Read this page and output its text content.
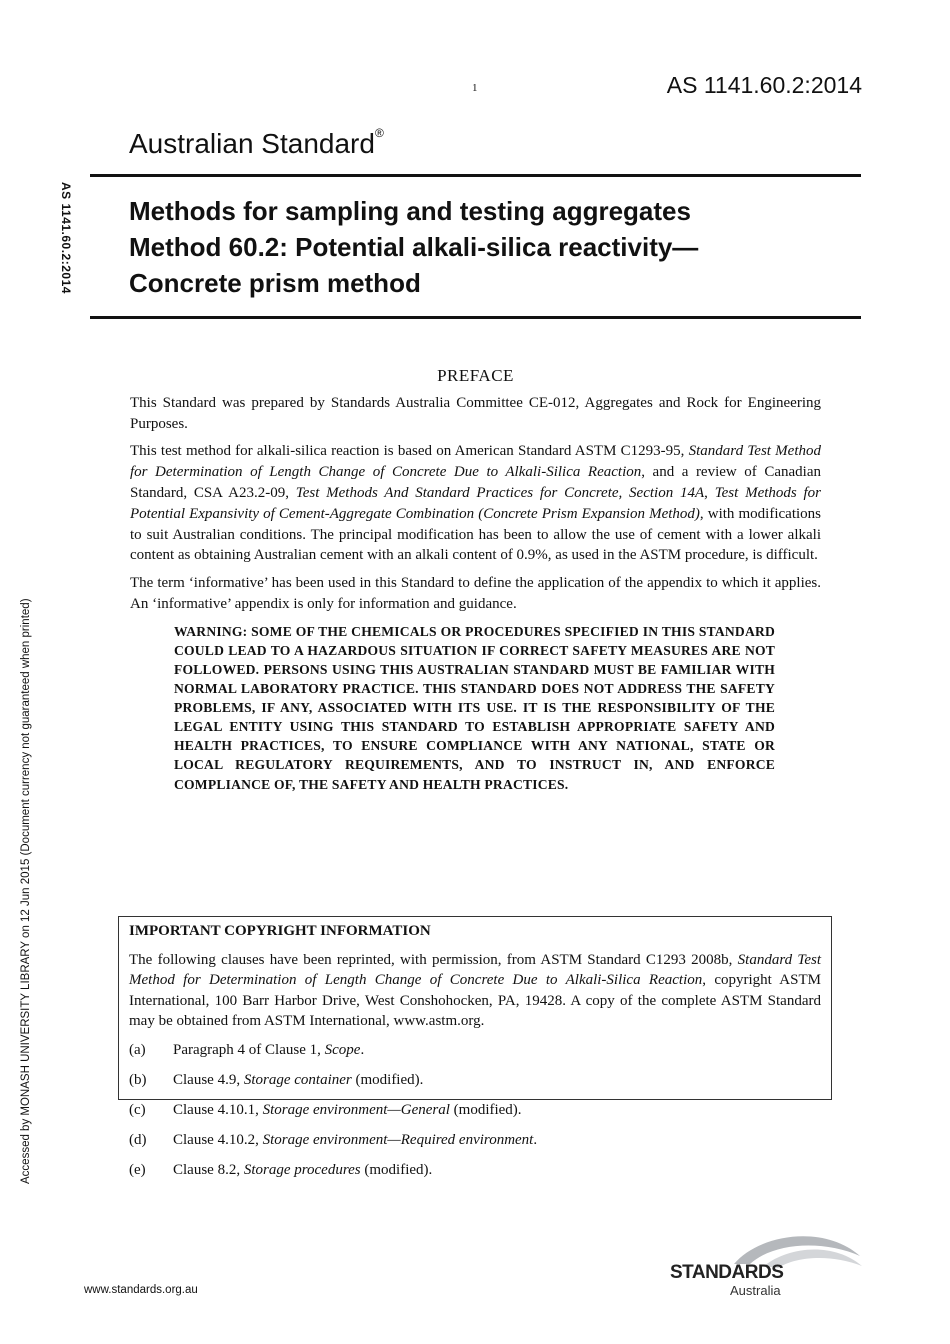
1	AS 1141.60.2:2014
Australian Standard®
Methods for sampling and testing aggregates
Method 60.2: Potential alkali-silica reactivity—
Concrete prism method
AS 1141.60.2:2014
Accessed by MONASH UNIVERSITY LIBRARY on 12 Jun 2015 (Document currency not guaranteed when printed)
PREFACE

This Standard was prepared by Standards Australia Committee CE-012, Aggregates and Rock for Engineering Purposes.

This test method for alkali-silica reaction is based on American Standard ASTM C1293-95, Standard Test Method for Determination of Length Change of Concrete Due to Alkali-Silica Reaction, and a review of Canadian Standard, CSA A23.2-09, Test Methods And Standard Practices for Concrete, Section 14A, Test Methods for Potential Expansivity of Cement-Aggregate Combination (Concrete Prism Expansion Method), with modifications to suit Australian conditions. The principal modification has been to allow the use of cement with a lower alkali content as obtaining Australian cement with an alkali content of 0.9%, as used in the ASTM procedure, is difficult.

The term ‘informative’ has been used in this Standard to define the application of the appendix to which it applies. An ‘informative’ appendix is only for information and guidance.

WARNING: SOME OF THE CHEMICALS OR PROCEDURES SPECIFIED IN THIS STANDARD COULD LEAD TO A HAZARDOUS SITUATION IF CORRECT SAFETY MEASURES ARE NOT FOLLOWED. PERSONS USING THIS AUSTRALIAN STANDARD MUST BE FAMILIAR WITH NORMAL LABORATORY PRACTICE. THIS STANDARD DOES NOT ADDRESS THE SAFETY PROBLEMS, IF ANY, ASSOCIATED WITH ITS USE. IT IS THE RESPONSIBILITY OF THE LEGAL ENTITY USING THIS STANDARD TO ESTABLISH APPROPRIATE SAFETY AND HEALTH PRACTICES, TO ENSURE COMPLIANCE WITH ANY NATIONAL, STATE OR LOCAL REGULATORY REQUIREMENTS, AND TO INSTRUCT IN, AND ENFORCE COMPLIANCE OF, THE SAFETY AND HEALTH PRACTICES.
IMPORTANT COPYRIGHT INFORMATION

The following clauses have been reprinted, with permission, from ASTM Standard C1293 2008b, Standard Test Method for Determination of Length Change of Concrete Due to Alkali-Silica Reaction, copyright ASTM International, 100 Barr Harbor Drive, West Conshohocken, PA, 19428. A copy of the complete ASTM Standard may be obtained from ASTM International, www.astm.org.

(a)	Paragraph 4 of Clause 1, Scope.
(b)	Clause 4.9, Storage container (modified).
(c)	Clause 4.10.1, Storage environment—General (modified).
(d)	Clause 4.10.2, Storage environment—Required environment.
(e)	Clause 8.2, Storage procedures (modified).
www.standards.org.au
STANDARDS
Australia
